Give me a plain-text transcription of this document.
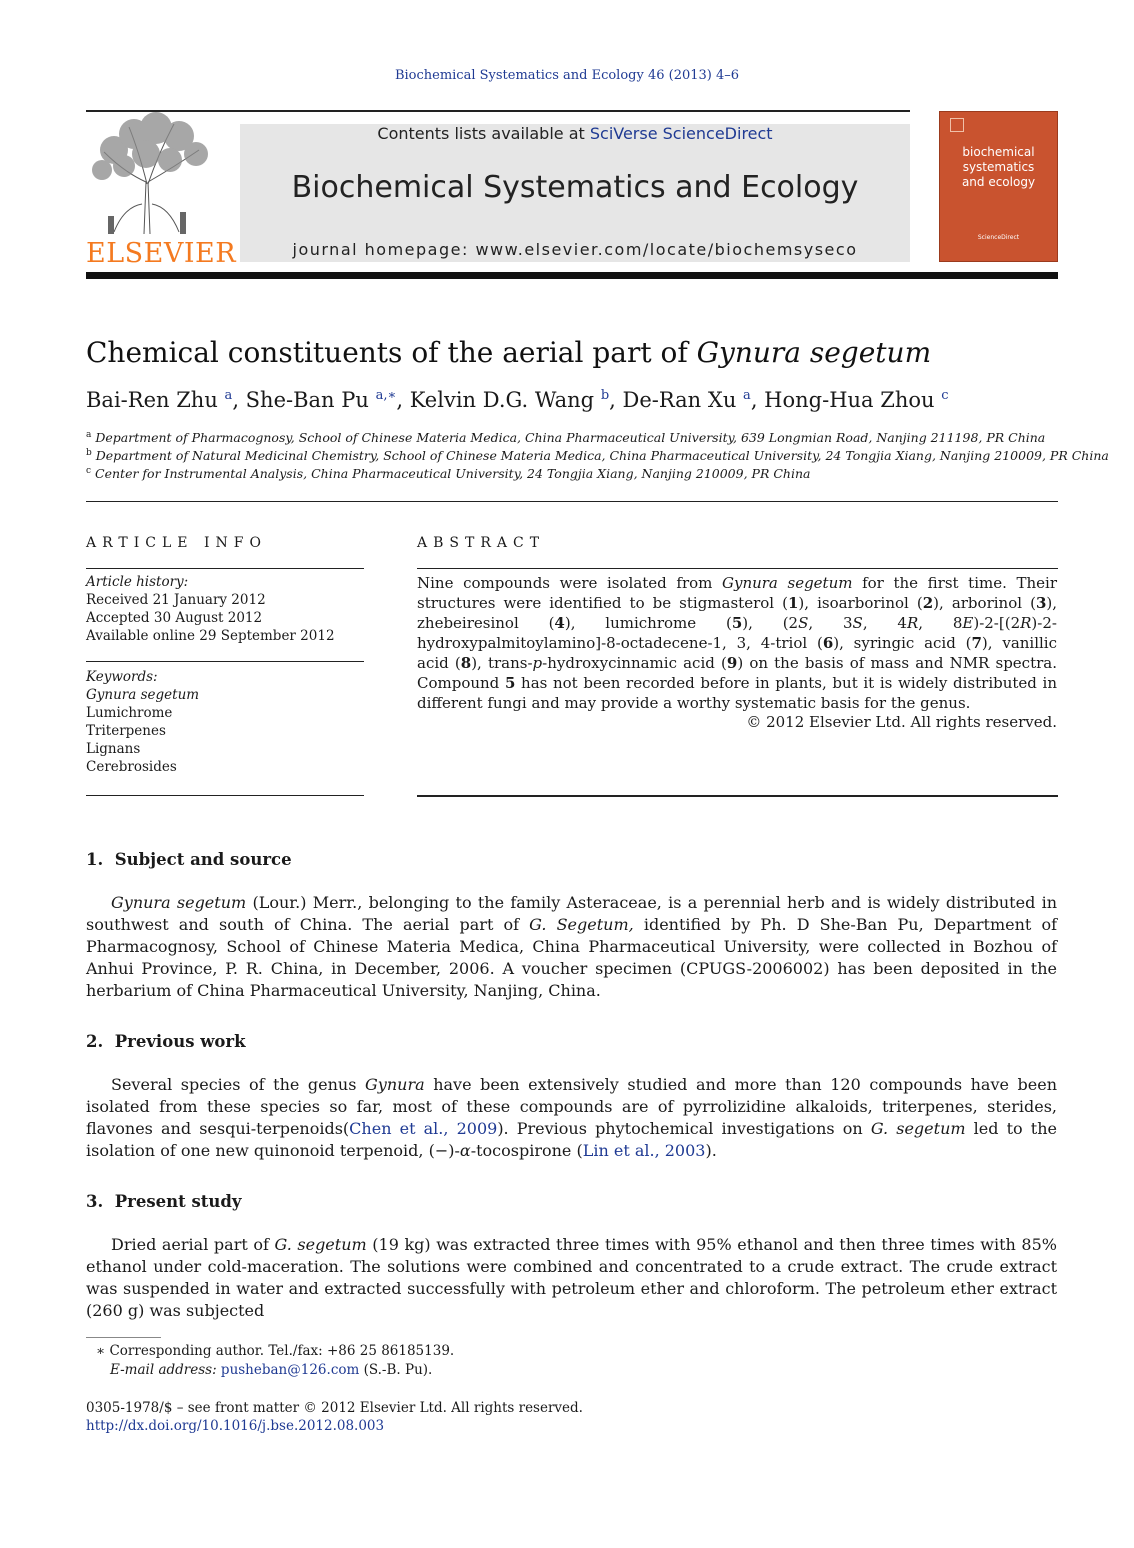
Biochemical Systematics and Ecology 46 (2013) 4–6
ELSEVIER
Contents lists available at SciVerse ScienceDirect
Biochemical Systematics and Ecology
journal homepage: www.elsevier.com/locate/biochemsyseco
biochemical
systematics
and ecology
ScienceDirect
Chemical constituents of the aerial part of Gynura segetum
Bai-Ren Zhu $^a$, She-Ban Pu $^{a,∗}$, Kelvin D.G. Wang $^b$, De-Ran Xu $^a$, Hong-Hua Zhou $^c$
$^a$ Department of Pharmacognosy, School of Chinese Materia Medica, China Pharmaceutical University, 639 Longmian Road, Nanjing 211198, PR China
$^b$ Department of Natural Medicinal Chemistry, School of Chinese Materia Medica, China Pharmaceutical University, 24 Tongjia Xiang, Nanjing 210009, PR China
$^c$ Center for Instrumental Analysis, China Pharmaceutical University, 24 Tongjia Xiang, Nanjing 210009, PR China
ARTICLE INFO
Article history:
Received 21 January 2012
Accepted 30 August 2012
Available online 29 September 2012
Keywords:
Gynura segetum
Lumichrome
Triterpenes
Lignans
Cerebrosides
ABSTRACT
Nine compounds were isolated from Gynura segetum for the first time. Their structures were identified to be stigmasterol (1), isoarborinol (2), arborinol (3), zhebeiresinol (4), lumichrome (5), (2S, 3S, 4R, 8E)-2-[(2R)-2-hydroxypalmitoylamino]-8-octadecene-1, 3, 4-triol (6), syringic acid (7), vanillic acid (8), trans-p-hydroxycinnamic acid (9) on the basis of mass and NMR spectra. Compound 5 has not been recorded before in plants, but it is widely distributed in different fungi and may provide a worthy systematic basis for the genus.
© 2012 Elsevier Ltd. All rights reserved.
1. Subject and source
Gynura segetum (Lour.) Merr., belonging to the family Asteraceae, is a perennial herb and is widely distributed in southwest and south of China. The aerial part of G. Segetum, identified by Ph. D She-Ban Pu, Department of Pharmacognosy, School of Chinese Materia Medica, China Pharmaceutical University, were collected in Bozhou of Anhui Province, P. R. China, in December, 2006. A voucher specimen (CPUGS-2006002) has been deposited in the herbarium of China Pharmaceutical University, Nanjing, China.
2. Previous work
Several species of the genus Gynura have been extensively studied and more than 120 compounds have been isolated from these species so far, most of these compounds are of pyrrolizidine alkaloids, triterpenes, sterides, flavones and sesqui-terpenoids(Chen et al., 2009). Previous phytochemical investigations on G. segetum led to the isolation of one new quinonoid terpenoid, (−)-α-tocospirone (Lin et al., 2003).
3. Present study
Dried aerial part of G. segetum (19 kg) was extracted three times with 95% ethanol and then three times with 85% ethanol under cold-maceration. The solutions were combined and concentrated to a crude extract. The crude extract was suspended in water and extracted successfully with petroleum ether and chloroform. The petroleum ether extract (260 g) was subjected
∗ Corresponding author. Tel./fax: +86 25 86185139.
E-mail address: pusheban@126.com (S.-B. Pu).
0305-1978/$ – see front matter © 2012 Elsevier Ltd. All rights reserved.
http://dx.doi.org/10.1016/j.bse.2012.08.003
